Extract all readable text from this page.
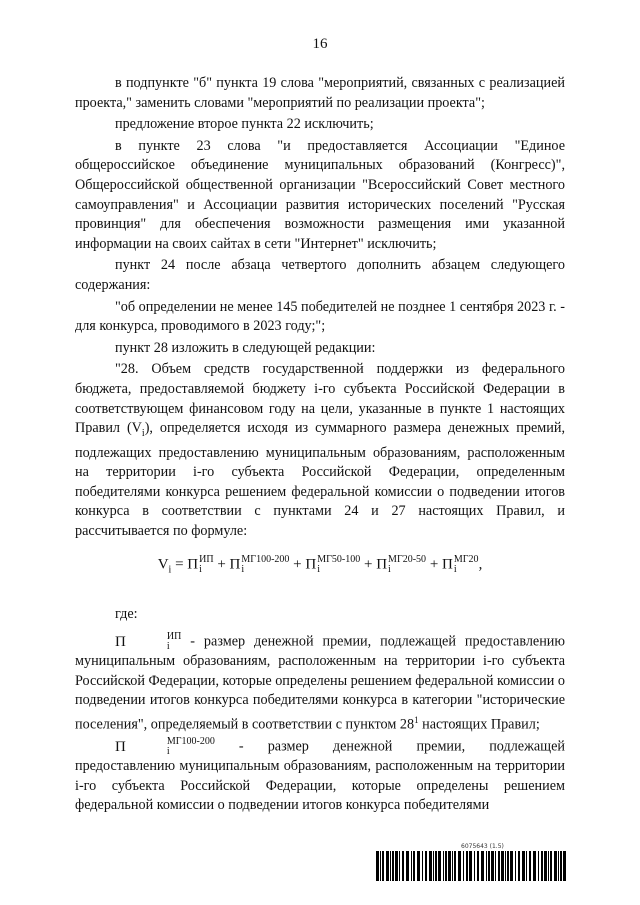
16

в подпункте "б" пункта 19 слова "мероприятий, связанных с реализацией проекта," заменить словами "мероприятий по реализации проекта";

предложение второе пункта 22 исключить;

в пункте 23 слова "и предоставляется Ассоциации "Единое общероссийское объединение муниципальных образований (Конгресс)", Общероссийской общественной организации "Всероссийский Совет местного самоуправления" и Ассоциации развития исторических поселений "Русская провинция" для обеспечения возможности размещения ими указанной информации на своих сайтах в сети "Интернет" исключить;

пункт 24 после абзаца четвертого дополнить абзацем следующего содержания:

"об определении не менее 145 победителей не позднее 1 сентября 2023 г. - для конкурса, проводимого в 2023 году;";

пункт 28 изложить в следующей редакции:

"28. Объем средств государственной поддержки из федерального бюджета, предоставляемой бюджету i-го субъекта Российской Федерации в соответствующем финансовом году на цели, указанные в пункте 1 настоящих Правил $(V_i)$, определяется исходя из суммарного размера денежных премий, подлежащих предоставлению муниципальным образованиям, расположенным на территории i-го субъекта Российской Федерации, определенным победителями конкурса решением федеральной комиссии о подведении итогов конкурса в соответствии с пунктами 24 и 27 настоящих Правил, и рассчитывается по формуле:

$V_i = П$ ИП
i + П МГ100-200
i	+ П МГ50-100
i	+ П МГ20-50
i	+ П МГ20
i	,

где:

П	ИП
i - размер денежной премии, подлежащей предоставлению муниципальным образованиям, расположенным на территории i-го субъекта Российской Федерации, которые определены решением федеральной комиссии о подведении итогов конкурса победителями конкурса в категории "исторические поселения", определяемый в соответствии с пунктом $28^1$ настоящих Правил;

П	МГ100-200
i	- размер денежной премии, подлежащей предоставлению муниципальным образованиям, расположенным на территории i-го субъекта Российской Федерации, которые определены решением федеральной комиссии о подведении итогов конкурса победителями

6075643 (1.5)
